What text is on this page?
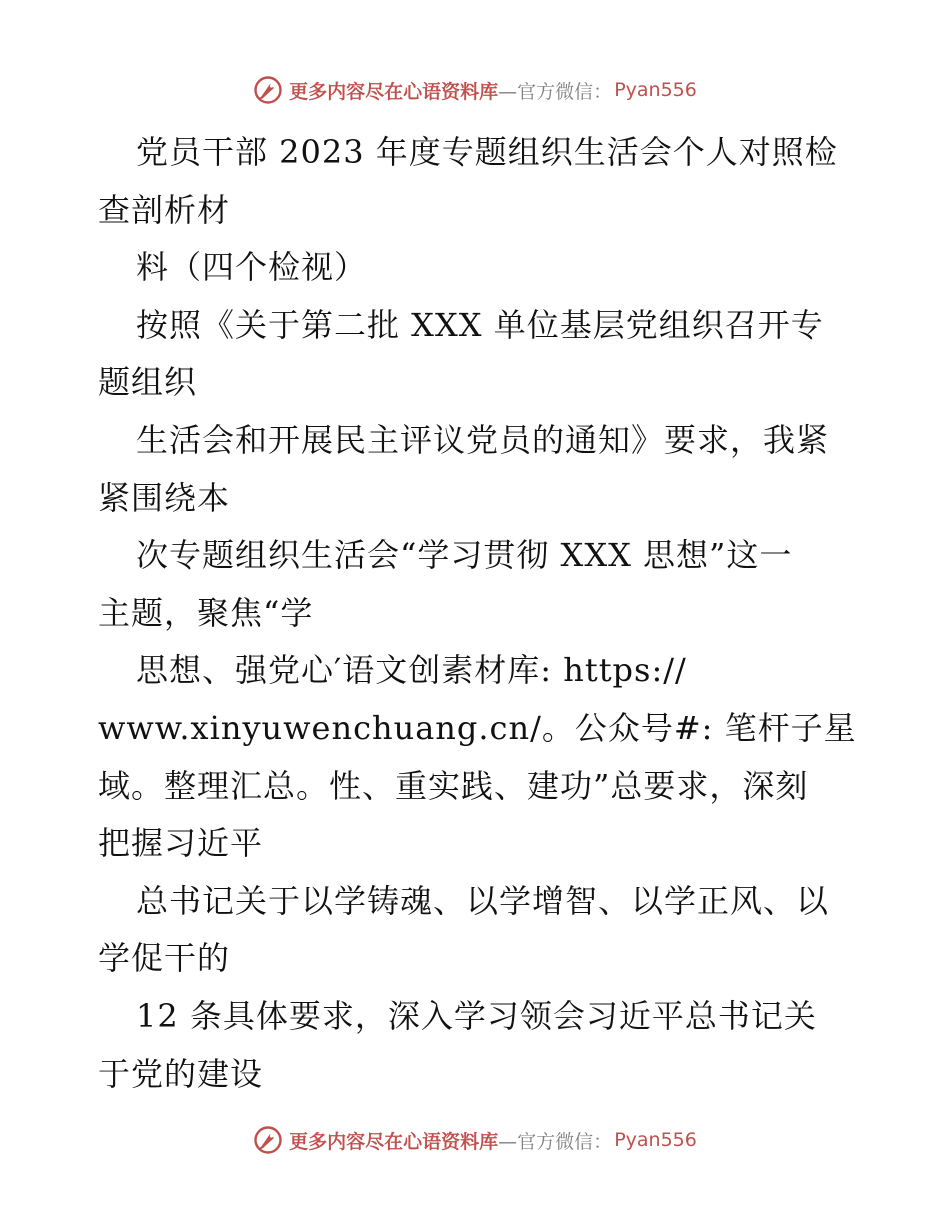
更多内容尽在心语资料库 —官方微信： Pyan556
党员干部 2023 年度专题组织生活会个人对照检
查剖析材
料（四个检视）
按照《关于第二批 XXX 单位基层党组织召开专
题组织
生活会和开展民主评议党员的通知》要求，我紧
紧围绕本
次专题组织生活会“学习贯彻 XXX 思想”这一
主题，聚焦“学
思想、强党心′语文创素材库: https://
www.xinyuwenchuang.cn/。公众号#: 笔杆子星
域。整理汇总。性、重实践、建功”总要求，深刻
把握习近平
总书记关于以学铸魂、以学增智、以学正风、以
学促干的
12 条具体要求，深入学习领会习近平总书记关
于党的建设
更多内容尽在心语资料库 —官方微信： Pyan556
